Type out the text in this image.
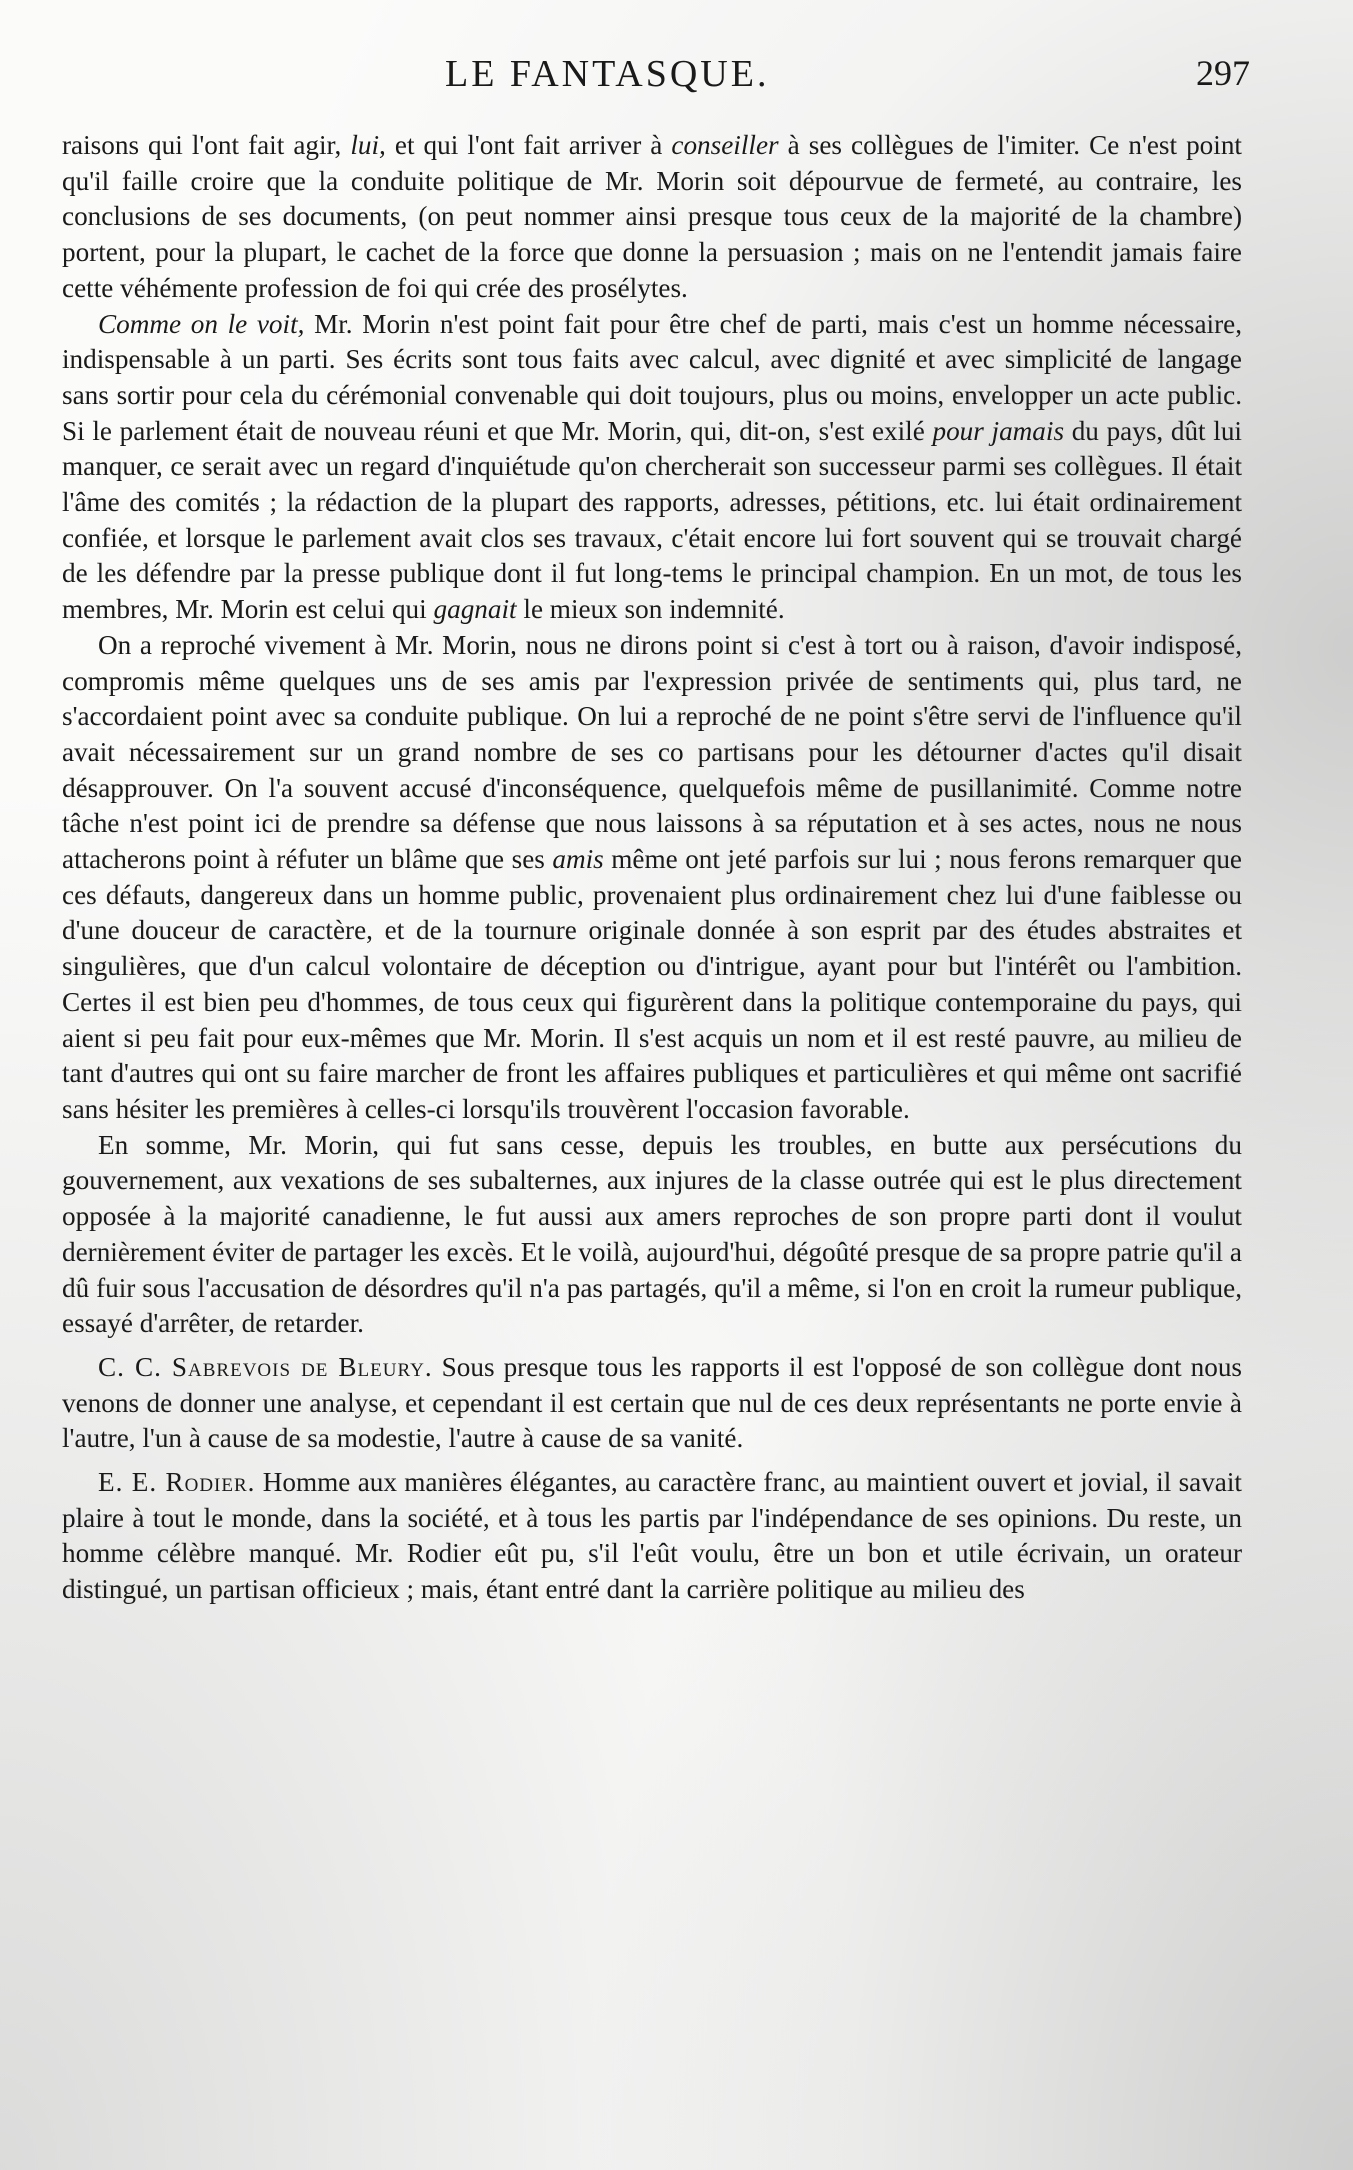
LE FANTASQUE.	297

raisons qui l'ont fait agir, lui, et qui l'ont fait arriver à conseiller à ses collègues de l'imiter. Ce n'est point qu'il faille croire que la conduite politique de Mr. Morin soit dépourvue de fermeté, au contraire, les conclusions de ses documents, (on peut nommer ainsi presque tous ceux de la majorité de la chambre) portent, pour la plupart, le cachet de la force que donne la persuasion ; mais on ne l'entendit jamais faire cette véhémente profession de foi qui crée des prosélytes.

Comme on le voit, Mr. Morin n'est point fait pour être chef de parti, mais c'est un homme nécessaire, indispensable à un parti. Ses écrits sont tous faits avec calcul, avec dignité et avec simplicité de langage sans sortir pour cela du cérémonial convenable qui doit toujours, plus ou moins, envelopper un acte public. Si le parlement était de nouveau réuni et que Mr. Morin, qui, dit-on, s'est exilé pour jamais du pays, dût lui manquer, ce serait avec un regard d'inquiétude qu'on chercherait son successeur parmi ses collègues. Il était l'âme des comités ; la rédaction de la plupart des rapports, adresses, pétitions, etc. lui était ordinairement confiée, et lorsque le parlement avait clos ses travaux, c'était encore lui fort souvent qui se trouvait chargé de les défendre par la presse publique dont il fut long-tems le principal champion. En un mot, de tous les membres, Mr. Morin est celui qui gagnait le mieux son indemnité.

On a reproché vivement à Mr. Morin, nous ne dirons point si c'est à tort ou à raison, d'avoir indisposé, compromis même quelques uns de ses amis par l'expression privée de sentiments qui, plus tard, ne s'accordaient point avec sa conduite publique. On lui a reproché de ne point s'être servi de l'influence qu'il avait nécessairement sur un grand nombre de ses co partisans pour les détourner d'actes qu'il disait désapprouver. On l'a souvent accusé d'inconséquence, quelquefois même de pusillanimité. Comme notre tâche n'est point ici de prendre sa défense que nous laissons à sa réputation et à ses actes, nous ne nous attacherons point à réfuter un blâme que ses amis même ont jeté parfois sur lui ; nous ferons remarquer que ces défauts, dangereux dans un homme public, provenaient plus ordinairement chez lui d'une faiblesse ou d'une douceur de caractère, et de la tournure originale donnée à son esprit par des études abstraites et singulières, que d'un calcul volontaire de déception ou d'intrigue, ayant pour but l'intérêt ou l'ambition. Certes il est bien peu d'hommes, de tous ceux qui figurèrent dans la politique contemporaine du pays, qui aient si peu fait pour eux-mêmes que Mr. Morin. Il s'est acquis un nom et il est resté pauvre, au milieu de tant d'autres qui ont su faire marcher de front les affaires publiques et particulières et qui même ont sacrifié sans hésiter les premières à celles-ci lorsqu'ils trouvèrent l'occasion favorable.

En somme, Mr. Morin, qui fut sans cesse, depuis les troubles, en butte aux persécutions du gouvernement, aux vexations de ses subalternes, aux injures de la classe outrée qui est le plus directement opposée à la majorité canadienne, le fut aussi aux amers reproches de son propre parti dont il voulut dernièrement éviter de partager les excès. Et le voilà, aujourd'hui, dégoûté presque de sa propre patrie qu'il a dû fuir sous l'accusation de désordres qu'il n'a pas partagés, qu'il a même, si l'on en croit la rumeur publique, essayé d'arrêter, de retarder.

C. C. Sabrevois de Bleury. Sous presque tous les rapports il est l'opposé de son collègue dont nous venons de donner une analyse, et cependant il est certain que nul de ces deux représentants ne porte envie à l'autre, l'un à cause de sa modestie, l'autre à cause de sa vanité.

E. E. Rodier. Homme aux manières élégantes, au caractère franc, au maintient ouvert et jovial, il savait plaire à tout le monde, dans la société, et à tous les partis par l'indépendance de ses opinions. Du reste, un homme célèbre manqué. Mr. Rodier eût pu, s'il l'eût voulu, être un bon et utile écrivain, un orateur distingué, un partisan officieux ; mais, étant entré dant la carrière politique au milieu des
